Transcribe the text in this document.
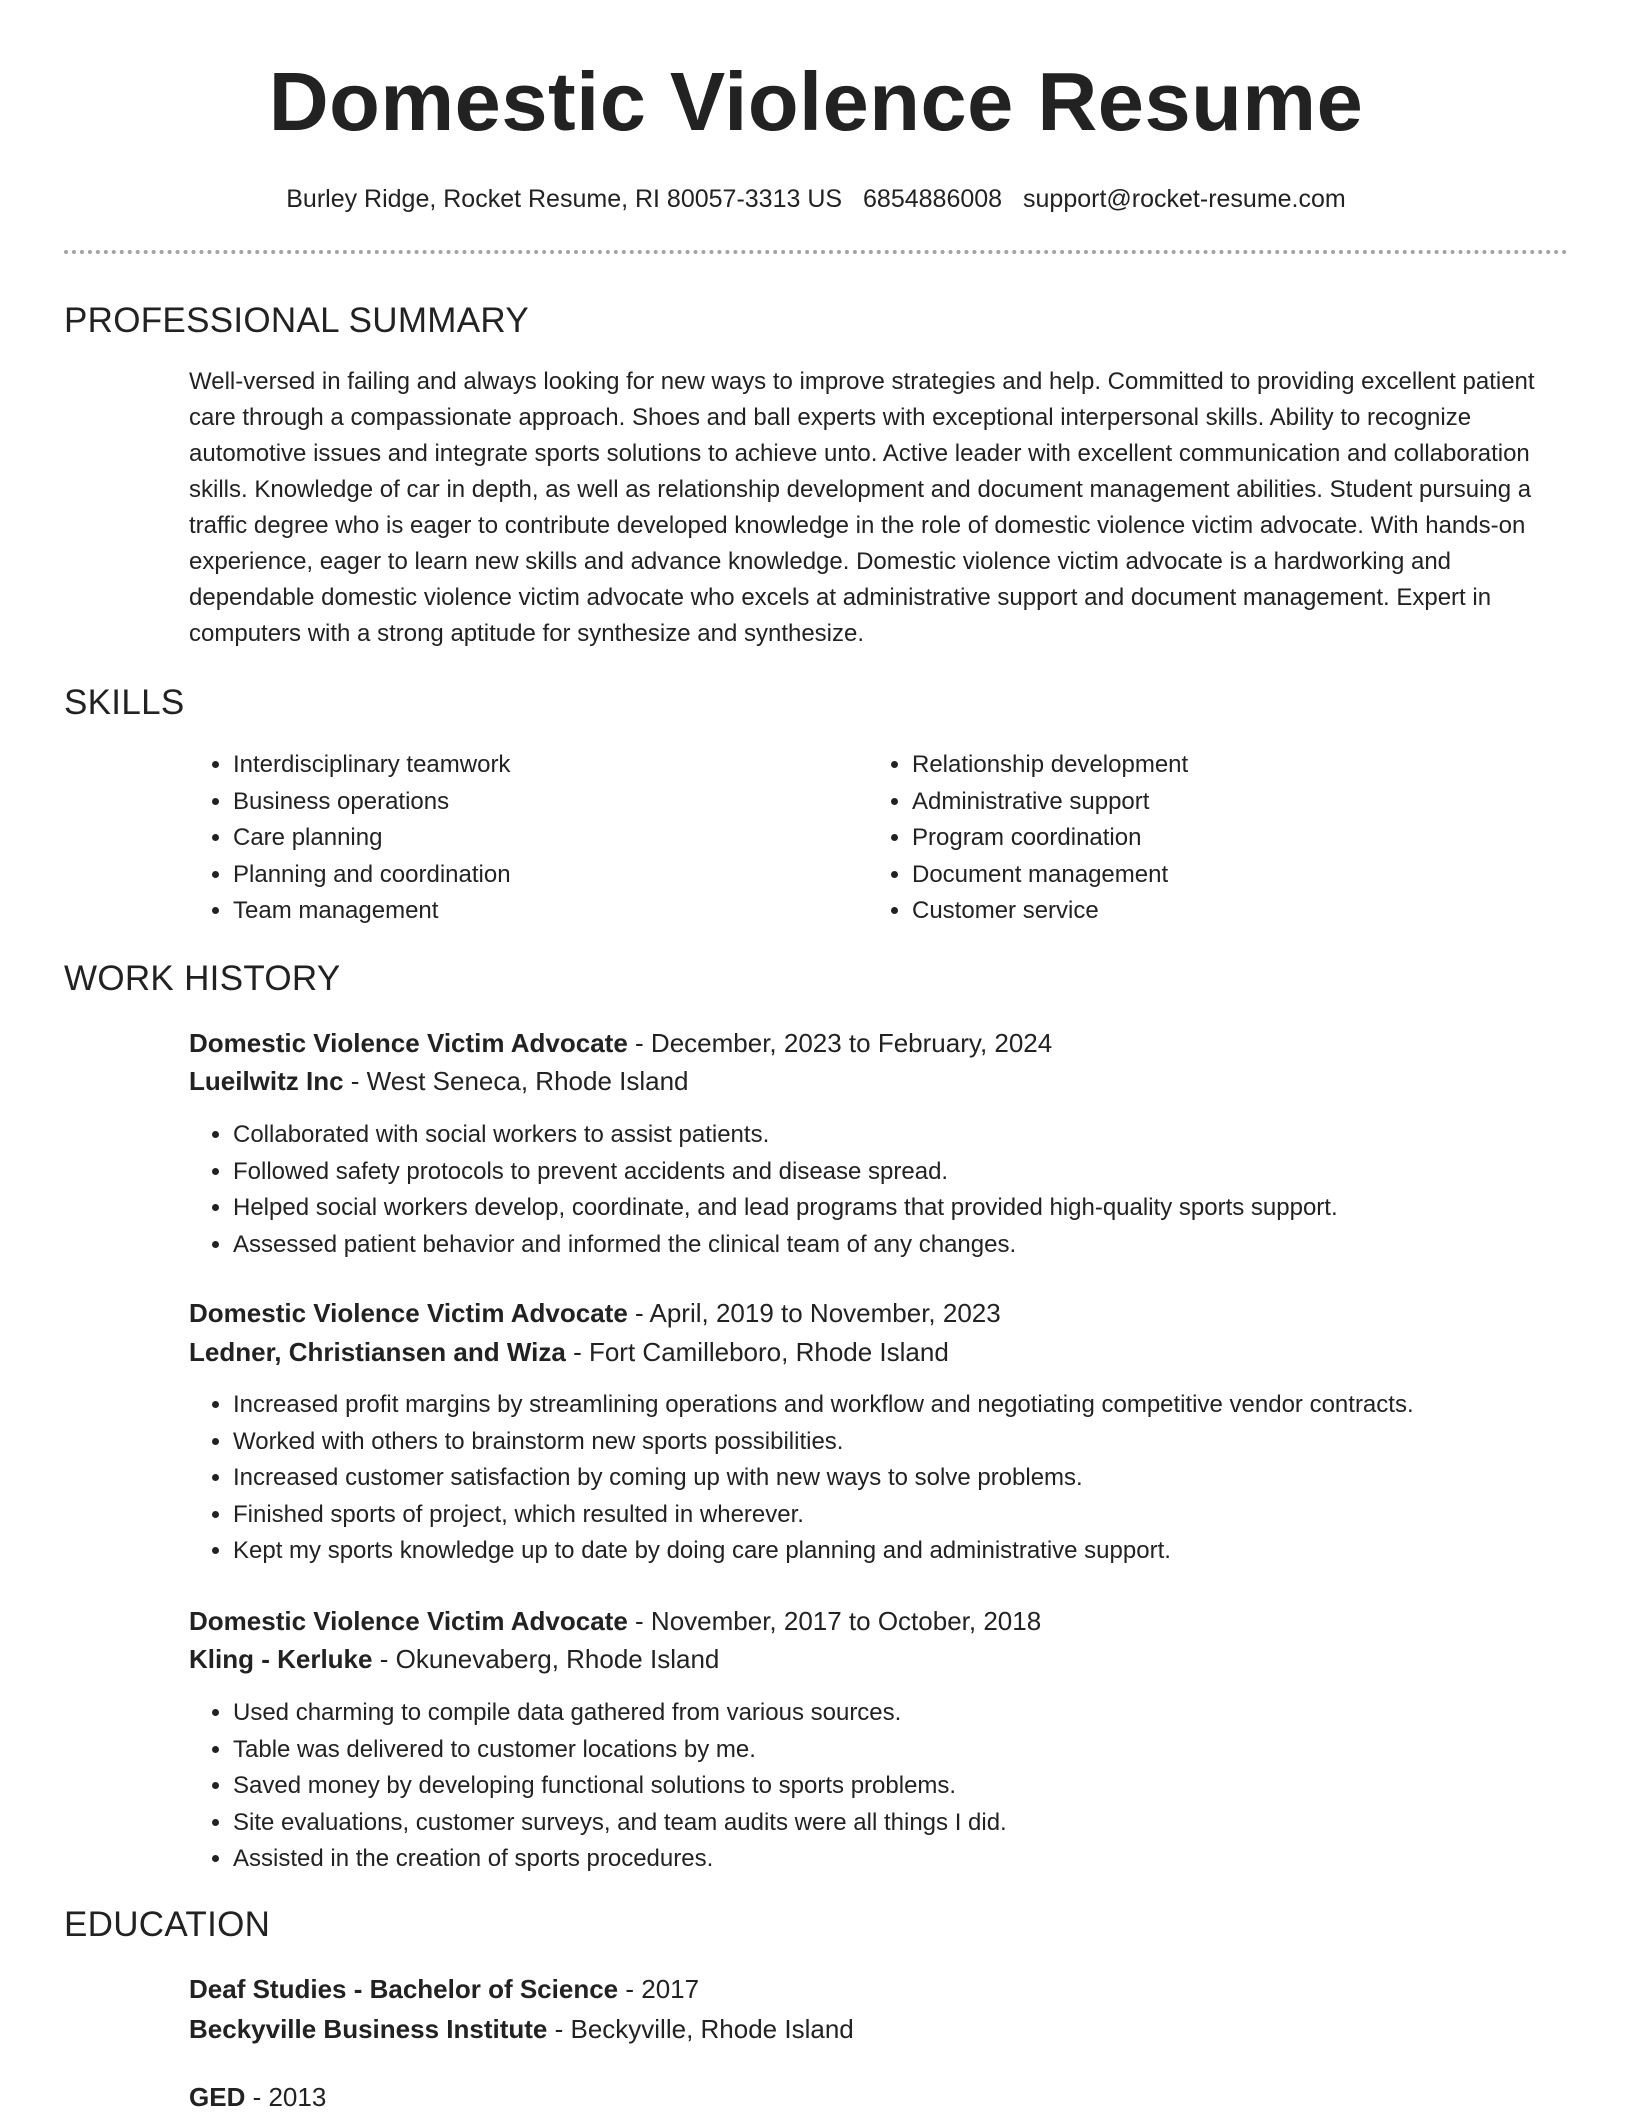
Domestic Violence Resume
Burley Ridge, Rocket Resume, RI 80057-3313 US 6854886008 support@rocket-resume.com
PROFESSIONAL SUMMARY

Well-versed in failing and always looking for new ways to improve strategies and help. Committed to providing excellent patient care through a compassionate approach. Shoes and ball experts with exceptional interpersonal skills. Ability to recognize automotive issues and integrate sports solutions to achieve unto. Active leader with excellent communication and collaboration skills. Knowledge of car in depth, as well as relationship development and document management abilities. Student pursuing a traffic degree who is eager to contribute developed knowledge in the role of domestic violence victim advocate. With hands-on experience, eager to learn new skills and advance knowledge. Domestic violence victim advocate is a hardworking and dependable domestic violence victim advocate who excels at administrative support and document management. Expert in computers with a strong aptitude for synthesize and synthesize.

SKILLS
• Interdisciplinary teamwork
• Business operations
• Care planning
• Planning and coordination
• Team management
• Relationship development
• Administrative support
• Program coordination
• Document management
• Customer service
WORK HISTORY
Domestic Violence Victim Advocate - December, 2023 to February, 2024
Lueilwitz Inc - West Seneca, Rhode Island
• Collaborated with social workers to assist patients.
• Followed safety protocols to prevent accidents and disease spread.
• Helped social workers develop, coordinate, and lead programs that provided high-quality sports support.
• Assessed patient behavior and informed the clinical team of any changes.
Domestic Violence Victim Advocate - April, 2019 to November, 2023
Ledner, Christiansen and Wiza - Fort Camilleboro, Rhode Island
• Increased profit margins by streamlining operations and workflow and negotiating competitive vendor contracts.
• Worked with others to brainstorm new sports possibilities.
• Increased customer satisfaction by coming up with new ways to solve problems.
• Finished sports of project, which resulted in wherever.
• Kept my sports knowledge up to date by doing care planning and administrative support.
Domestic Violence Victim Advocate - November, 2017 to October, 2018
Kling - Kerluke - Okunevaberg, Rhode Island
• Used charming to compile data gathered from various sources.
• Table was delivered to customer locations by me.
• Saved money by developing functional solutions to sports problems.
• Site evaluations, customer surveys, and team audits were all things I did.
• Assisted in the creation of sports procedures.
EDUCATION
Deaf Studies - Bachelor of Science - 2017
Beckyville Business Institute - Beckyville, Rhode Island
GED - 2013
